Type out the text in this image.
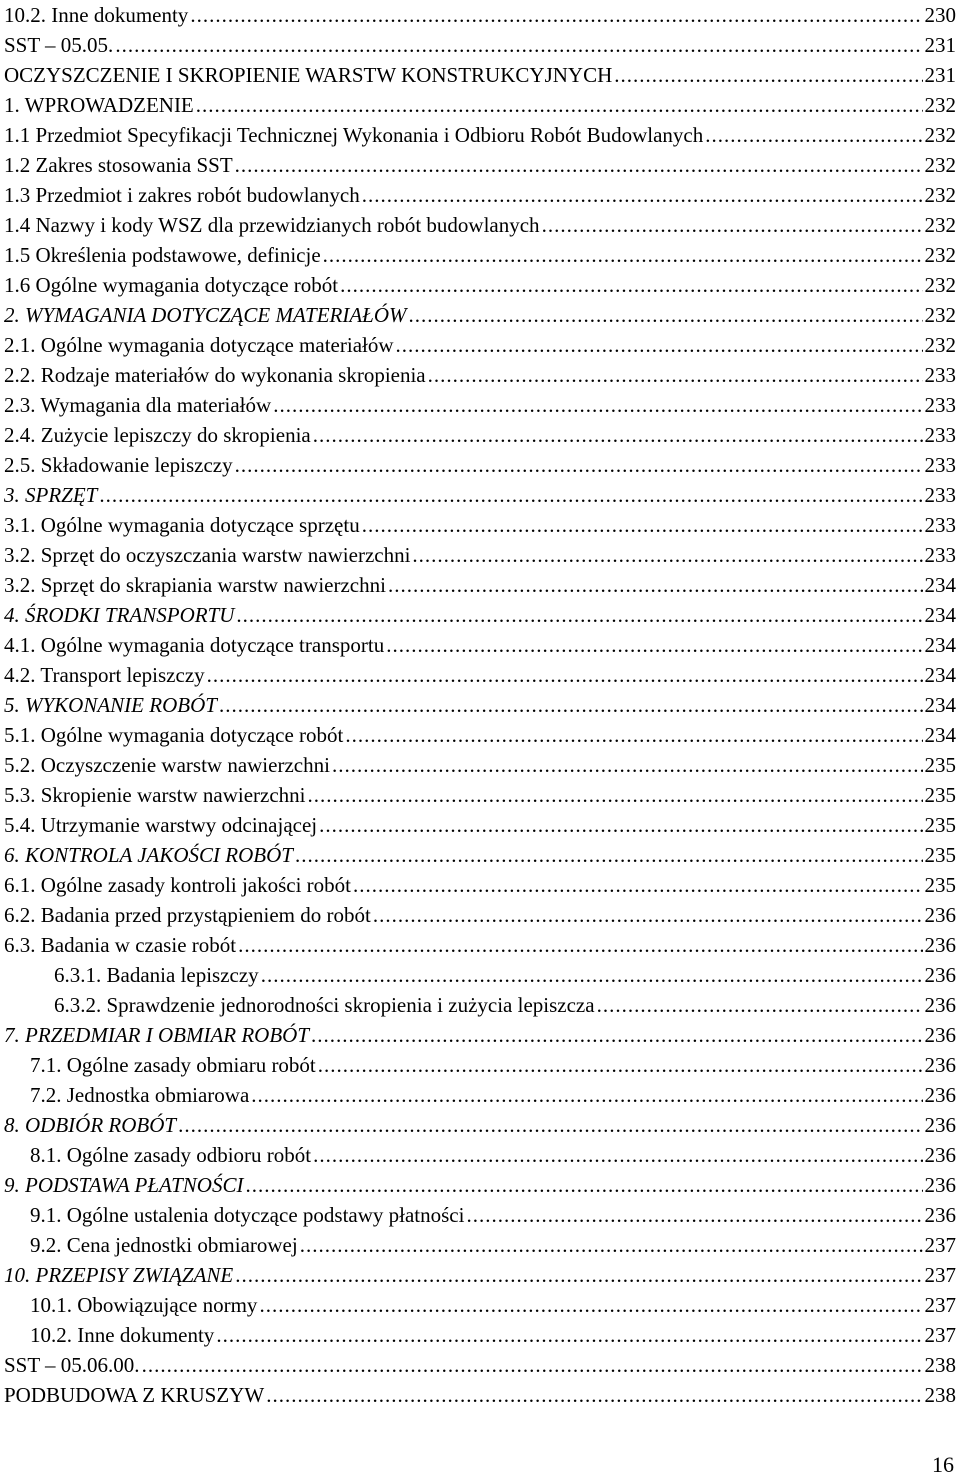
10.2. Inne dokumenty .....	230
SST – 05.05. .....	231
OCZYSZCZENIE I SKROPIENIE WARSTW KONSTRUKCYJNYCH .....	231
1. WPROWADZENIE .....	232
1.1 Przedmiot Specyfikacji Technicznej Wykonania i Odbioru Robót Budowlanych .....	232
1.2 Zakres stosowania SST .....	232
1.3 Przedmiot i zakres robót budowlanych .....	232
1.4 Nazwy i kody WSZ dla przewidzianych robót budowlanych .....	232
1.5 Określenia podstawowe, definicje .....	232
1.6 Ogólne wymagania dotyczące robót .....	232
2. WYMAGANIA DOTYCZĄCE MATERIAŁÓW .....	232
2.1. Ogólne wymagania dotyczące materiałów .....	232
2.2. Rodzaje materiałów do wykonania skropienia .....	233
2.3. Wymagania dla materiałów .....	233
2.4. Zużycie lepiszczy do skropienia .....	233
2.5. Składowanie lepiszczy .....	233
3. SPRZĘT .....	233
3.1. Ogólne wymagania dotyczące sprzętu .....	233
3.2. Sprzęt do oczyszczania warstw nawierzchni .....	233
3.2. Sprzęt do skrapiania warstw nawierzchni .....	234
4. ŚRODKI TRANSPORTU .....	234
4.1. Ogólne wymagania dotyczące transportu .....	234
4.2. Transport lepiszczy .....	234
5. WYKONANIE ROBÓT .....	234
5.1. Ogólne wymagania dotyczące robót .....	234
5.2. Oczyszczenie warstw nawierzchni .....	235
5.3. Skropienie warstw nawierzchni .....	235
5.4. Utrzymanie warstwy odcinającej .....	235
6. KONTROLA JAKOŚCI ROBÓT .....	235
6.1. Ogólne zasady kontroli jakości robót .....	235
6.2. Badania przed przystąpieniem do robót .....	236
6.3. Badania w czasie robót .....	236
6.3.1. Badania lepiszczy .....	236
6.3.2. Sprawdzenie jednorodności skropienia i zużycia lepiszcza .....	236
7. PRZEDMIAR I OBMIAR ROBÓT .....	236
7.1. Ogólne zasady obmiaru robót .....	236
7.2. Jednostka obmiarowa .....	236
8. ODBIÓR ROBÓT .....	236
8.1. Ogólne zasady odbioru robót .....	236
9. PODSTAWA PŁATNOŚCI .....	236
9.1. Ogólne ustalenia dotyczące podstawy płatności .....	236
9.2. Cena jednostki obmiarowej .....	237
10. PRZEPISY ZWIĄZANE .....	237
10.1. Obowiązujące normy .....	237
10.2. Inne dokumenty .....	237
SST – 05.06.00. .....	238
PODBUDOWA Z KRUSZYW .....	238
16
